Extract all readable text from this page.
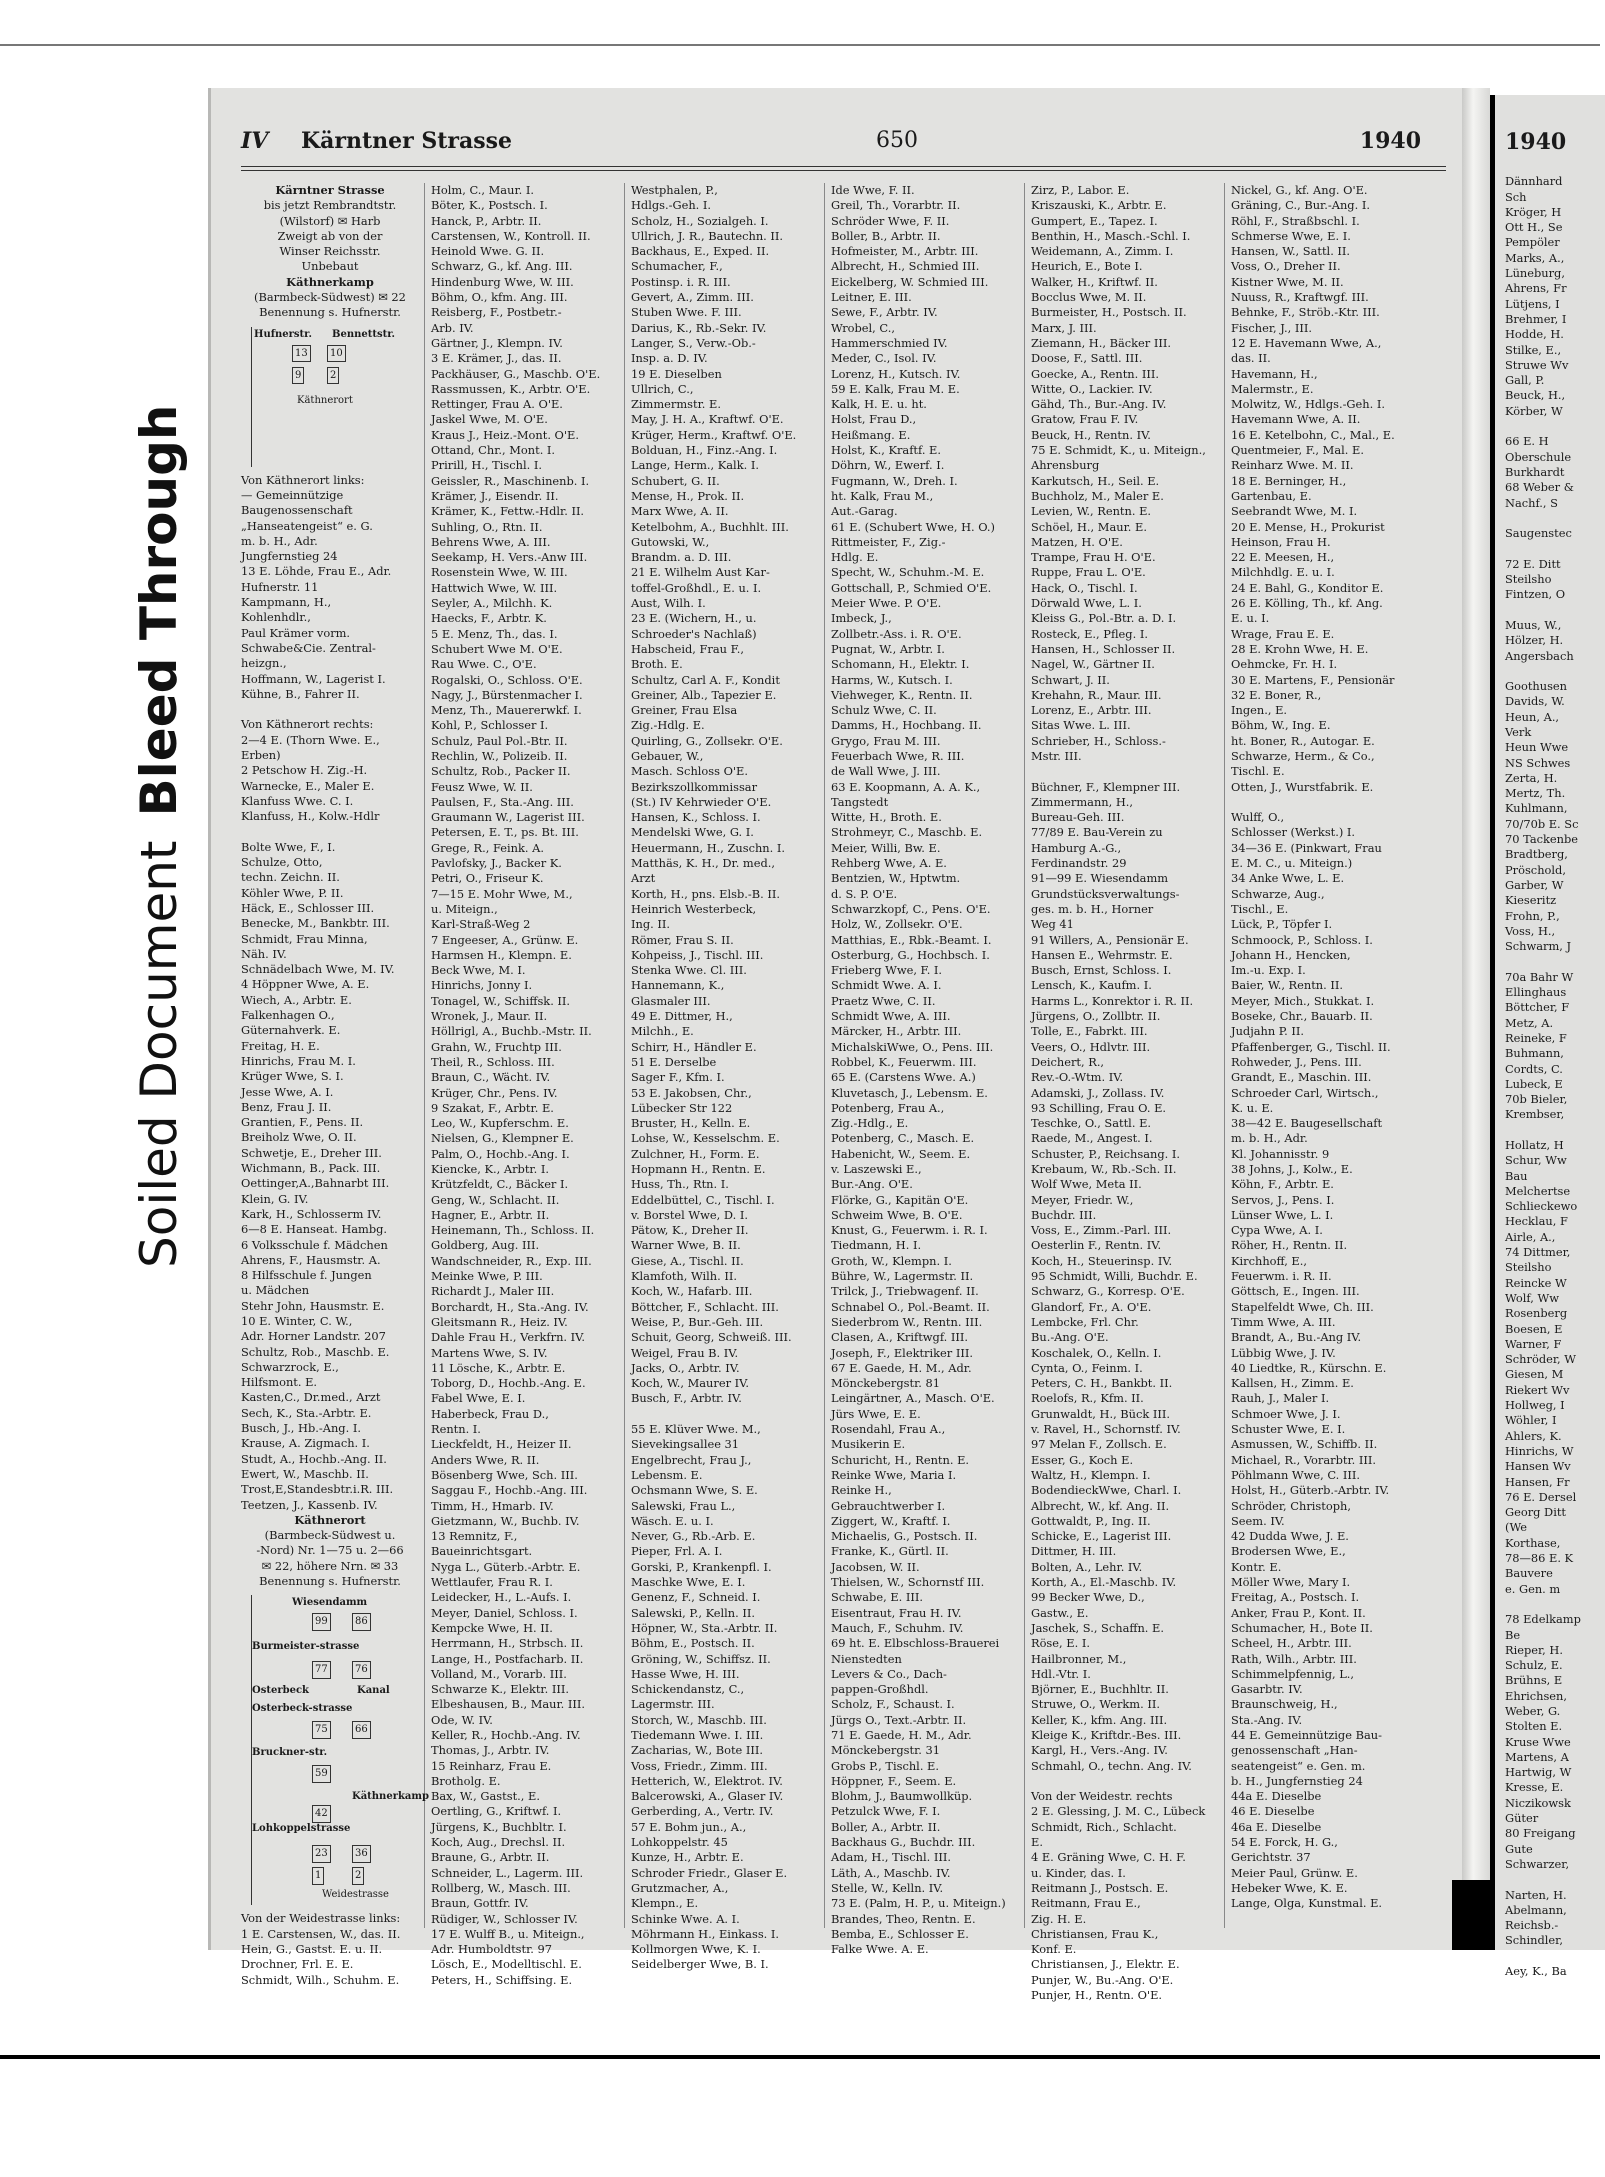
Soiled DocumentBleed Through
IV Kärntner Strasse	650	1940
Kärntner Strasse
bis jetzt Rembrandtstr.
(Wilstorf) ✉ Harb
Zweigt ab von der
Winser Reichsstr.
Unbebaut
Käthnerkamp
(Barmbeck-Südwest) ✉ 22
Benennung s. Hufnerstr.
Hufnerstr. Bennettstr.
13	10
9	2
Käthnerort
Von Käthnerort links:
— Gemeinnützige
Baugenossenschaft
„Hanseatengeist“ e. G.
m. b. H., Adr.
Jungfernstieg 24
13 E. Löhde, Frau E., Adr.
Hufnerstr. 11
Kampmann, H.,
Kohlenhdlr.,
Paul Krämer vorm.
Schwabe&Cie. Zentral-
heizgn.,
Hoffmann, W., Lagerist I.
Kühne, B., Fahrer II.

Von Käthnerort rechts:
2—4 E. (Thorn Wwe. E.,
Erben)
2 Petschow H. Zig.-H.
Warnecke, E., Maler E.
Klanfuss Wwe. C. I.
Klanfuss, H., Kolw.-Hdlr

Bolte Wwe, F., I.
Schulze, Otto,
techn. Zeichn. II.
Köhler Wwe, P. II.
Häck, E., Schlosser III.
Benecke, M., Bankbtr. III.
Schmidt, Frau Minna,
Näh. IV.
Schnädelbach Wwe, M. IV.
4 Höppner Wwe, A. E.
Wiech, A., Arbtr. E.
Falkenhagen O.,
Güternahverk. E.
Freitag, H. E.
Hinrichs, Frau M. I.
Krüger Wwe, S. I.
Jesse Wwe, A. I.
Benz, Frau J. II.
Grantien, F., Pens. II.
Breiholz Wwe, O. II.
Schwetje, E., Dreher III.
Wichmann, B., Pack. III.
Oettinger,A.,Bahnarbt III.
Klein, G. IV.
Kark, H., Schlosserm IV.
6—8 E. Hanseat. Hambg.
6 Volksschule f. Mädchen
Ahrens, F., Hausmstr. A.
8 Hilfsschule f. Jungen
u. Mädchen
Stehr John, Hausmstr. E.
10 E. Winter, C. W.,
Adr. Horner Landstr. 207
Schultz, Rob., Maschb. E.
Schwarzrock, E.,
Hilfsmont. E.
Kasten,C., Dr.med., Arzt
Sech, K., Sta.-Arbtr. E.
Busch, J., Hb.-Ang. I.
Krause, A. Zigmach. I.
Studt, A., Hochb.-Ang. II.
Ewert, W., Maschb. II.
Trost,E,Standesbtr.i.R. III.
Teetzen, J., Kassenb. IV.
Käthnerort
(Barmbeck-Südwest u.
-Nord) Nr. 1—75 u. 2—66
✉ 22, höhere Nrn. ✉ 33
Benennung s. Hufnerstr.
Wiesendamm
99	86
Burmeister-strasse
77	76
Osterbeck	Kanal
Osterbeck-strasse
75	66
Bruckner-str.
59
Käthnerkamp
42
Lohkoppelstrasse
23	36
1	2
Weidestrasse
Von der Weidestrasse links:
1 E. Carstensen, W., das. II.
Hein, G., Gastst. E. u. II.
Drochner, Frl. E. E.
Schmidt, Wilh., Schuhm. E.
Holm, C., Maur. I.
Böter, K., Postsch. I.
Hanck, P., Arbtr. II.
Carstensen, W., Kontroll. II.
Heinold Wwe. G. II.
Schwarz, G., kf. Ang. III.
Hindenburg Wwe, W. III.
Böhm, O., kfm. Ang. III.
Reisberg, F., Postbetr.-
Arb. IV.
Gärtner, J., Klempn. IV.
3 E. Krämer, J., das. II.
Packhäuser, G., Maschb. O'E.
Rassmussen, K., Arbtr. O'E.
Rettinger, Frau A. O'E.
Jaskel Wwe, M. O'E.
Kraus J., Heiz.-Mont. O'E.
Ottand, Chr., Mont. I.
Pririll, H., Tischl. I.
Geissler, R., Maschinenb. I.
Krämer, J., Eisendr. II.
Krämer, K., Fettw.-Hdlr. II.
Suhling, O., Rtn. II.
Behrens Wwe, A. III.
Seekamp, H. Vers.-Anw III.
Rosenstein Wwe, W. III.
Hattwich Wwe, W. III.
Seyler, A., Milchh. K.
Haecks, F., Arbtr. K.
5 E. Menz, Th., das. I.
Schubert Wwe M. O'E.
Rau Wwe. C., O'E.
Rogalski, O., Schloss. O'E.
Nagy, J., Bürstenmacher I.
Menz, Th., Mauererwkf. I.
Kohl, P., Schlosser I.
Schulz, Paul Pol.-Btr. II.
Rechlin, W., Polizeib. II.
Schultz, Rob., Packer II.
Feusz Wwe, W. II.
Paulsen, F., Sta.-Ang. III.
Graumann W., Lagerist III.
Petersen, E. T., ps. Bt. III.
Grege, R., Feink. A.
Pavlofsky, J., Backer K.
Petri, O., Friseur K.
7—15 E. Mohr Wwe, M.,
u. Miteign.,
Karl-Straß-Weg 2
7 Engeeser, A., Grünw. E.
Harmsen H., Klempn. E.
Beck Wwe, M. I.
Hinrichs, Jonny I.
Tonagel, W., Schiffsk. II.
Wronek, J., Maur. II.
Höllrigl, A., Buchb.-Mstr. II.
Grahn, W., Fruchtp III.
Theil, R., Schloss. III.
Braun, C., Wächt. IV.
Krüger, Chr., Pens. IV.
9 Szakat, F., Arbtr. E.
Leo, W., Kupferschm. E.
Nielsen, G., Klempner E.
Palm, O., Hochb.-Ang. I.
Kiencke, K., Arbtr. I.
Krützfeldt, C., Bäcker I.
Geng, W., Schlacht. II.
Hagner, E., Arbtr. II.
Heinemann, Th., Schloss. II.
Goldberg, Aug. III.
Wandschneider, R., Exp. III.
Meinke Wwe, P. III.
Richardt J., Maler III.
Borchardt, H., Sta.-Ang. IV.
Gleitsmann R., Heiz. IV.
Dahle Frau H., Verkfrn. IV.
Martens Wwe, S. IV.
11 Lösche, K., Arbtr. E.
Toborg, D., Hochb.-Ang. E.
Fabel Wwe, E. I.
Haberbeck, Frau D.,
Rentn. I.
Lieckfeldt, H., Heizer II.
Anders Wwe, R. II.
Bösenberg Wwe, Sch. III.
Saggau F., Hochb.-Ang. III.
Timm, H., Hmarb. IV.
Gietzmann, W., Buchb. IV.
13 Remnitz, F.,
Baueinrichtsgart.
Nyga L., Güterb.-Arbtr. E.
Wettlaufer, Frau R. I.
Leidecker, H., L.-Aufs. I.
Meyer, Daniel, Schloss. I.
Kempcke Wwe, H. II.
Herrmann, H., Strbsch. II.
Lange, H., Postfacharb. II.
Volland, M., Vorarb. III.
Schwarze K., Elektr. III.
Elbeshausen, B., Maur. III.
Ode, W. IV.
Keller, R., Hochb.-Ang. IV.
Thomas, J., Arbtr. IV.
15 Reinharz, Frau E.
Brotholg. E.
Bax, W., Gastst., E.
Oertling, G., Kriftwf. I.
Jürgens, K., Buchbltr. I.
Koch, Aug., Drechsl. II.
Braune, G., Arbtr. II.
Schneider, L., Lagerm. III.
Rollberg, W., Masch. III.
Braun, Gottfr. IV.
Rüdiger, W., Schlosser IV.
17 E. Wulff B., u. Miteign.,
Adr. Humboldtstr. 97
Lösch, E., Modelltischl. E.
Peters, H., Schiffsing. E.
Westphalen, P.,
Hdlgs.-Geh. I.
Scholz, H., Sozialgeh. I.
Ullrich, J. R., Bautechn. II.
Backhaus, E., Exped. II.
Schumacher, F.,
Postinsp. i. R. III.
Gevert, A., Zimm. III.
Stuben Wwe. F. III.
Darius, K., Rb.-Sekr. IV.
Langer, S., Verw.-Ob.-
Insp. a. D. IV.
19 E. Dieselben
Ullrich, C.,
Zimmermstr. E.
May, J. H. A., Kraftwf. O'E.
Krüger, Herm., Kraftwf. O'E.
Bolduan, H., Finz.-Ang. I.
Lange, Herm., Kalk. I.
Schubert, G. II.
Mense, H., Prok. II.
Marx Wwe, A. II.
Ketelbohm, A., Buchhlt. III.
Gutowski, W.,
Brandm. a. D. III.
21 E. Wilhelm Aust Kar-
toffel-Großhdl., E. u. I.
Aust, Wilh. I.
23 E. (Wichern, H., u.
Schroeder's Nachlaß)
Habscheid, Frau F.,
Broth. E.
Schultz, Carl A. F., Kondit
Greiner, Alb., Tapezier E.
Greiner, Frau Elsa
Zig.-Hdlg. E.
Quirling, G., Zollsekr. O'E.
Gebauer, W.,
Masch. Schloss O'E.
Bezirkszollkommissar
(St.) IV Kehrwieder O'E.
Hansen, K., Schloss. I.
Mendelski Wwe, G. I.
Heuermann, H., Zuschn. I.
Matthäs, K. H., Dr. med.,
Arzt
Korth, H., pns. Elsb.-B. II.
Heinrich Westerbeck,
Ing. II.
Römer, Frau S. II.
Kohpeiss, J., Tischl. III.
Stenka Wwe. Cl. III.
Hannemann, K.,
Glasmaler III.
49 E. Dittmer, H.,
Milchh., E.
Schirr, H., Händler E.
51 E. Derselbe
Sager F., Kfm. I.
53 E. Jakobsen, Chr.,
Lübecker Str 122
Bruster, H., Kelln. E.
Lohse, W., Kesselschm. E.
Zulchner, H., Form. E.
Hopmann H., Rentn. E.
Huss, Th., Rtn. I.
Eddelbüttel, C., Tischl. I.
v. Borstel Wwe, D. I.
Pätow, K., Dreher II.
Warner Wwe, B. II.
Giese, A., Tischl. II.
Klamfoth, Wilh. II.
Koch, W., Hafarb. III.
Böttcher, F., Schlacht. III.
Weise, P., Bur.-Geh. III.
Schuit, Georg, Schweiß. III.
Weigel, Frau B. IV.
Jacks, O., Arbtr. IV.
Koch, W., Maurer IV.
Busch, F., Arbtr. IV.

55 E. Klüver Wwe. M.,
Sievekingsallee 31
Engelbrecht, Frau J.,
Lebensm. E.
Ochsmann Wwe, S. E.
Salewski, Frau L.,
Wäsch. E. u. I.
Never, G., Rb.-Arb. E.
Pieper, Frl. A. I.
Gorski, P., Krankenpfl. I.
Maschke Wwe, E. I.
Genenz, F., Schneid. I.
Salewski, P., Kelln. II.
Höpner, W., Sta.-Arbtr. II.
Böhm, E., Postsch. II.
Gröning, W., Schiffsz. II.
Hasse Wwe, H. III.
Schickendanstz, C.,
Lagermstr. III.
Storch, W., Maschb. III.
Tiedemann Wwe. I. III.
Zacharias, W., Bote III.
Voss, Friedr., Zimm. III.
Hetterich, W., Elektrot. IV.
Balcerowski, A., Glaser IV.
Gerberding, A., Vertr. IV.
57 E. Bohm jun., A.,
Lohkoppelstr. 45
Kunze, H., Arbtr. E.
Schroder Friedr., Glaser E.
Grutzmacher, A.,
Klempn., E.
Schinke Wwe. A. I.
Möhrmann H., Einkass. I.
Kollmorgen Wwe, K. I.
Seidelberger Wwe, B. I.
Ide Wwe, F. II.
Greil, Th., Vorarbtr. II.
Schröder Wwe, F. II.
Boller, B., Arbtr. II.
Hofmeister, M., Arbtr. III.
Albrecht, H., Schmied III.
Eickelberg, W. Schmied III.
Leitner, E. III.
Sewe, F., Arbtr. IV.
Wrobel, C.,
Hammerschmied IV.
Meder, C., Isol. IV.
Lorenz, H., Kutsch. IV.
59 E. Kalk, Frau M. E.
Kalk, H. E. u. ht.
Holst, Frau D.,
Heißmang. E.
Holst, K., Kraftf. E.
Döhrn, W., Ewerf. I.
Fugmann, W., Dreh. I.
ht. Kalk, Frau M.,
Aut.-Garag.
61 E. (Schubert Wwe, H. O.)
Rittmeister, F., Zig.-
Hdlg. E.
Specht, W., Schuhm.-M. E.
Gottschall, P., Schmied O'E.
Meier Wwe. P. O'E.
Imbeck, J.,
Zollbetr.-Ass. i. R. O'E.
Pugnat, W., Arbtr. I.
Schomann, H., Elektr. I.
Harms, W., Kutsch. I.
Viehweger, K., Rentn. II.
Schulz Wwe, C. II.
Damms, H., Hochbang. II.
Grygo, Frau M. III.
Feuerbach Wwe, R. III.
de Wall Wwe, J. III.
63 E. Koopmann, A. A. K.,
Tangstedt
Witte, H., Broth. E.
Strohmeyr, C., Maschb. E.
Meier, Willi, Bw. E.
Rehberg Wwe, A. E.
Bentzien, W., Hptwtm.
d. S. P. O'E.
Schwarzkopf, C., Pens. O'E.
Holz, W., Zollsekr. O'E.
Matthias, E., Rbk.-Beamt. I.
Osterburg, G., Hochbsch. I.
Frieberg Wwe, F. I.
Schmidt Wwe. A. I.
Praetz Wwe, C. II.
Schmidt Wwe, A. III.
Märcker, H., Arbtr. III.
MichalskiWwe, O., Pens. III.
Robbel, K., Feuerwm. III.
65 E. (Carstens Wwe. A.)
Kluvetasch, J., Lebensm. E.
Potenberg, Frau A.,
Zig.-Hdlg., E.
Potenberg, C., Masch. E.
Habenicht, W., Seem. E.
v. Laszewski E.,
Bur.-Ang. O'E.
Flörke, G., Kapitän O'E.
Schweim Wwe, B. O'E.
Knust, G., Feuerwm. i. R. I.
Tiedmann, H. I.
Groth, W., Klempn. I.
Bühre, W., Lagermstr. II.
Trilck, J., Triebwagenf. II.
Schnabel O., Pol.-Beamt. II.
Siederbrom W., Rentn. III.
Clasen, A., Kriftwgf. III.
Joseph, F., Elektriker III.
67 E. Gaede, H. M., Adr.
Mönckebergstr. 81
Leingärtner, A., Masch. O'E.
Jürs Wwe, E. E.
Rosendahl, Frau A.,
Musikerin E.
Schuricht, H., Rentn. E.
Reinke Wwe, Maria I.
Reinke H.,
Gebrauchtwerber I.
Ziggert, W., Kraftf. I.
Michaelis, G., Postsch. II.
Franke, K., Gürtl. II.
Jacobsen, W. II.
Thielsen, W., Schornstf III.
Schwabe, E. III.
Eisentraut, Frau H. IV.
Mauch, F., Schuhm. IV.
69 ht. E. Elbschloss-Brauerei
Nienstedten
Levers & Co., Dach-
pappen-Großhdl.
Scholz, F., Schaust. I.
Jürgs O., Text.-Arbtr. II.
71 E. Gaede, H. M., Adr.
Mönckebergstr. 31
Grobs P., Tischl. E.
Höppner, F., Seem. E.
Blohm, J., Baumwollküp.
Petzulck Wwe, F. I.
Boller, A., Arbtr. II.
Backhaus G., Buchdr. III.
Adam, H., Tischl. III.
Läth, A., Maschb. IV.
Stelle, W., Kelln. IV.
73 E. (Palm, H. P., u. Miteign.)
Brandes, Theo, Rentn. E.
Bemba, E., Schlosser E.
Falke Wwe. A. E.
Zirz, P., Labor. E.
Kriszauski, K., Arbtr. E.
Gumpert, E., Tapez. I.
Benthin, H., Masch.-Schl. I.
Weidemann, A., Zimm. I.
Heurich, E., Bote I.
Walker, H., Kriftwf. II.
Bocclus Wwe, M. II.
Burmeister, H., Postsch. II.
Marx, J. III.
Ziemann, H., Bäcker III.
Doose, F., Sattl. III.
Goecke, A., Rentn. III.
Witte, O., Lackier. IV.
Gähd, Th., Bur.-Ang. IV.
Gratow, Frau F. IV.
Beuck, H., Rentn. IV.
75 E. Schmidt, K., u. Miteign.,
Ahrensburg
Karkutsch, H., Seil. E.
Buchholz, M., Maler E.
Levien, W., Rentn. E.
Schöel, H., Maur. E.
Matzen, H. O'E.
Trampe, Frau H. O'E.
Ruppe, Frau L. O'E.
Hack, O., Tischl. I.
Dörwald Wwe, L. I.
Kleiss G., Pol.-Btr. a. D. I.
Rosteck, E., Pfleg. I.
Hansen, H., Schlosser II.
Nagel, W., Gärtner II.
Schwart, J. II.
Krehahn, R., Maur. III.
Lorenz, E., Arbtr. III.
Sitas Wwe. L. III.
Schrieber, H., Schloss.-
Mstr. III.

Büchner, F., Klempner III.
Zimmermann, H.,
Bureau-Geh. III.
77/89 E. Bau-Verein zu
Hamburg A.-G.,
Ferdinandstr. 29
91—99 E. Wiesendamm
Grundstücksverwaltungs-
ges. m. b. H., Horner
Weg 41
91 Willers, A., Pensionär E.
Hansen E., Wehrmstr. E.
Busch, Ernst, Schloss. I.
Lensch, K., Kaufm. I.
Harms L., Konrektor i. R. II.
Jürgens, O., Zollbtr. II.
Tolle, E., Fabrkt. III.
Veers, O., Hdlvtr. III.
Deichert, R.,
Rev.-O.-Wtm. IV.
Adamski, J., Zollass. IV.
93 Schilling, Frau O. E.
Teschke, O., Sattl. E.
Raede, M., Angest. I.
Schuster, P., Reichsang. I.
Krebaum, W., Rb.-Sch. II.
Wolf Wwe, Meta II.
Meyer, Friedr. W.,
Buchdr. III.
Voss, E., Zimm.-Parl. III.
Oesterlin F., Rentn. IV.
Koch, H., Steuerinsp. IV.
95 Schmidt, Willi, Buchdr. E.
Schwarz, G., Korresp. O'E.
Glandorf, Fr., A. O'E.
Lembcke, Frl. Chr.
Bu.-Ang. O'E.
Koschalek, O., Kelln. I.
Cynta, O., Feinm. I.
Peters, C. H., Bankbt. II.
Roelofs, R., Kfm. II.
Grunwaldt, H., Bück III.
v. Ravel, H., Schornstf. IV.
97 Melan F., Zollsch. E.
Esser, G., Koch E.
Waltz, H., Klempn. I.
BodendieckWwe, Charl. I.
Albrecht, W., kf. Ang. II.
Gottwaldt, P., Ing. II.
Schicke, E., Lagerist III.
Dittmer, H. III.
Bolten, A., Lehr. IV.
Korth, A., El.-Maschb. IV.
99 Becker Wwe, D.,
Gastw., E.
Jaschek, S., Schaffn. E.
Röse, E. I.
Hailbronner, M.,
Hdl.-Vtr. I.
Björner, E., Buchhltr. II.
Struwe, O., Werkm. II.
Keller, K., kfm. Ang. III.
Kleige K., Kriftdr.-Bes. III.
Kargl, H., Vers.-Ang. IV.
Schmahl, O., techn. Ang. IV.

Von der Weidestr. rechts
2 E. Glessing, J. M. C., Lübeck
Schmidt, Rich., Schlacht.
E.
4 E. Gräning Wwe, C. H. F.
u. Kinder, das. I.
Reitmann J., Postsch. E.
Reitmann, Frau E.,
Zig. H. E.
Christiansen, Frau K.,
Konf. E.
Christiansen, J., Elektr. E.
Punjer, W., Bu.-Ang. O'E.
Punjer, H., Rentn. O'E.
Nickel, G., kf. Ang. O'E.
Gräning, C., Bur.-Ang. I.
Röhl, F., Straßbschl. I.
Schmerse Wwe, E. I.
Hansen, W., Sattl. II.
Voss, O., Dreher II.
Kistner Wwe, M. II.
Nuuss, R., Kraftwgf. III.
Behnke, F., Ströb.-Ktr. III.
Fischer, J., III.
12 E. Havemann Wwe, A.,
das. II.
Havemann, H.,
Malermstr., E.
Molwitz, W., Hdlgs.-Geh. I.
Havemann Wwe, A. II.
16 E. Ketelbohn, C., Mal., E.
Quentmeier, F., Mal. E.
Reinharz Wwe. M. II.
18 E. Berninger, H.,
Gartenbau, E.
Seebrandt Wwe, M. I.
20 E. Mense, H., Prokurist
Heinson, Frau H.
22 E. Meesen, H.,
Milchhdlg. E. u. I.
24 E. Bahl, G., Konditor E.
26 E. Kölling, Th., kf. Ang.
E. u. I.
Wrage, Frau E. E.
28 E. Krohn Wwe, H. E.
Oehmcke, Fr. H. I.
30 E. Martens, F., Pensionär
32 E. Boner, R.,
Ingen., E.
Böhm, W., Ing. E.
ht. Boner, R., Autogar. E.
Schwarze, Herm., & Co.,
Tischl. E.
Otten, J., Wurstfabrik. E.

Wulff, O.,
Schlosser (Werkst.) I.
34—36 E. (Pinkwart, Frau
E. M. C., u. Miteign.)
34 Anke Wwe, L. E.
Schwarze, Aug.,
Tischl., E.
Lück, P., Töpfer I.
Schmoock, P., Schloss. I.
Johann H., Hencken,
Im.-u. Exp. I.
Baier, W., Rentn. II.
Meyer, Mich., Stukkat. I.
Boseke, Chr., Bauarb. II.
Judjahn P. II.
Pfaffenberger, G., Tischl. II.
Rohweder, J., Pens. III.
Grandt, E., Maschin. III.
Schroeder Carl, Wirtsch.,
K. u. E.
38—42 E. Baugesellschaft
m. b. H., Adr.
Kl. Johannisstr. 9
38 Johns, J., Kolw., E.
Köhn, F., Arbtr. E.
Servos, J., Pens. I.
Lünser Wwe, L. I.
Cypa Wwe, A. I.
Röher, H., Rentn. II.
Kirchhoff, E.,
Feuerwm. i. R. II.
Göttsch, E., Ingen. III.
Stapelfeldt Wwe, Ch. III.
Timm Wwe, A. III.
Brandt, A., Bu.-Ang IV.
Lübbig Wwe, J. IV.
40 Liedtke, R., Kürschn. E.
Kallsen, H., Zimm. E.
Rauh, J., Maler I.
Schmoer Wwe, J. I.
Schuster Wwe, E. I.
Asmussen, W., Schiffb. II.
Michael, R., Vorarbtr. III.
Pöhlmann Wwe, C. III.
Holst, H., Güterb.-Arbtr. IV.
Schröder, Christoph,
Seem. IV.
42 Dudda Wwe, J. E.
Brodersen Wwe, E.,
Kontr. E.
Möller Wwe, Mary I.
Freitag, A., Postsch. I.
Anker, Frau P., Kont. II.
Schumacher, H., Bote II.
Scheel, H., Arbtr. III.
Rath, Wilh., Arbtr. III.
Schimmelpfennig, L.,
Gasarbtr. IV.
Braunschweig, H.,
Sta.-Ang. IV.
44 E. Gemeinnützige Bau-
genossenschaft „Han-
seatengeist“ e. Gen. m.
b. H., Jungfernstieg 24
44a E. Dieselbe
46 E. Dieselbe
46a E. Dieselbe
54 E. Forck, H. G.,
Gerichtstr. 37
Meier Paul, Grünw. E.
Hebeker Wwe, K. E.
Lange, Olga, Kunstmal. E.
1940
Dännhard
Sch
Kröger, H
Ott H., Se
Pempöler
Marks, A.,
Lüneburg,
Ahrens, Fr
Lütjens, I
Brehmer, I
Hodde, H.
Stilke, E.,
Struwe Wv
Gall, P.
Beuck, H.,
Körber, W

66 E. H
Oberschule
Burkhardt
68 Weber &
Nachf., S

Saugenstec

72 E. Ditt
Steilsho
Fintzen, O

Muus, W.,
Hölzer, H.
Angersbach

Goothusen
Davids, W.
Heun, A.,
Verk
Heun Wwe
NS Schwes
Zerta, H.
Mertz, Th.
Kuhlmann,
70/70b E. Sc
70 Tackenbe
Bradtberg,
Pröschold,
Garber, W
Kieseritz
Frohn, P.,
Voss, H.,
Schwarm, J

70a Bahr W
Ellinghaus
Böttcher, F
Metz, A.
Reineke, F
Buhmann,
Cordts, C.
Lubeck, E
70b Bieler,
Krembser,

Hollatz, H
Schur, Ww
Bau
Melchertse
Schlieckewo
Hecklau, F
Airle, A.,
74 Dittmer,
Steilsho
Reincke W
Wolf, Ww
Rosenberg
Boesen, E
Warner, F
Schröder, W
Giesen, M
Riekert Wv
Hollweg, I
Wöhler, I
Ahlers, K.
Hinrichs, W
Hansen Wv
Hansen, Fr
76 E. Dersel
Georg Ditt
(We
Korthase,
78—86 E. K
Bauvere
e. Gen. m

78 Edelkamp
Be
Rieper, H.
Schulz, E.
Brühns, E
Ehrichsen,
Weber, G.
Stolten E.
Kruse Wwe
Martens, A
Hartwig, W
Kresse, E.
Niczikowsk
Güter
80 Freigang
Gute
Schwarzer,

Narten, H.
Abelmann,
Reichsb.-
Schindler,

Aey, K., Ba
